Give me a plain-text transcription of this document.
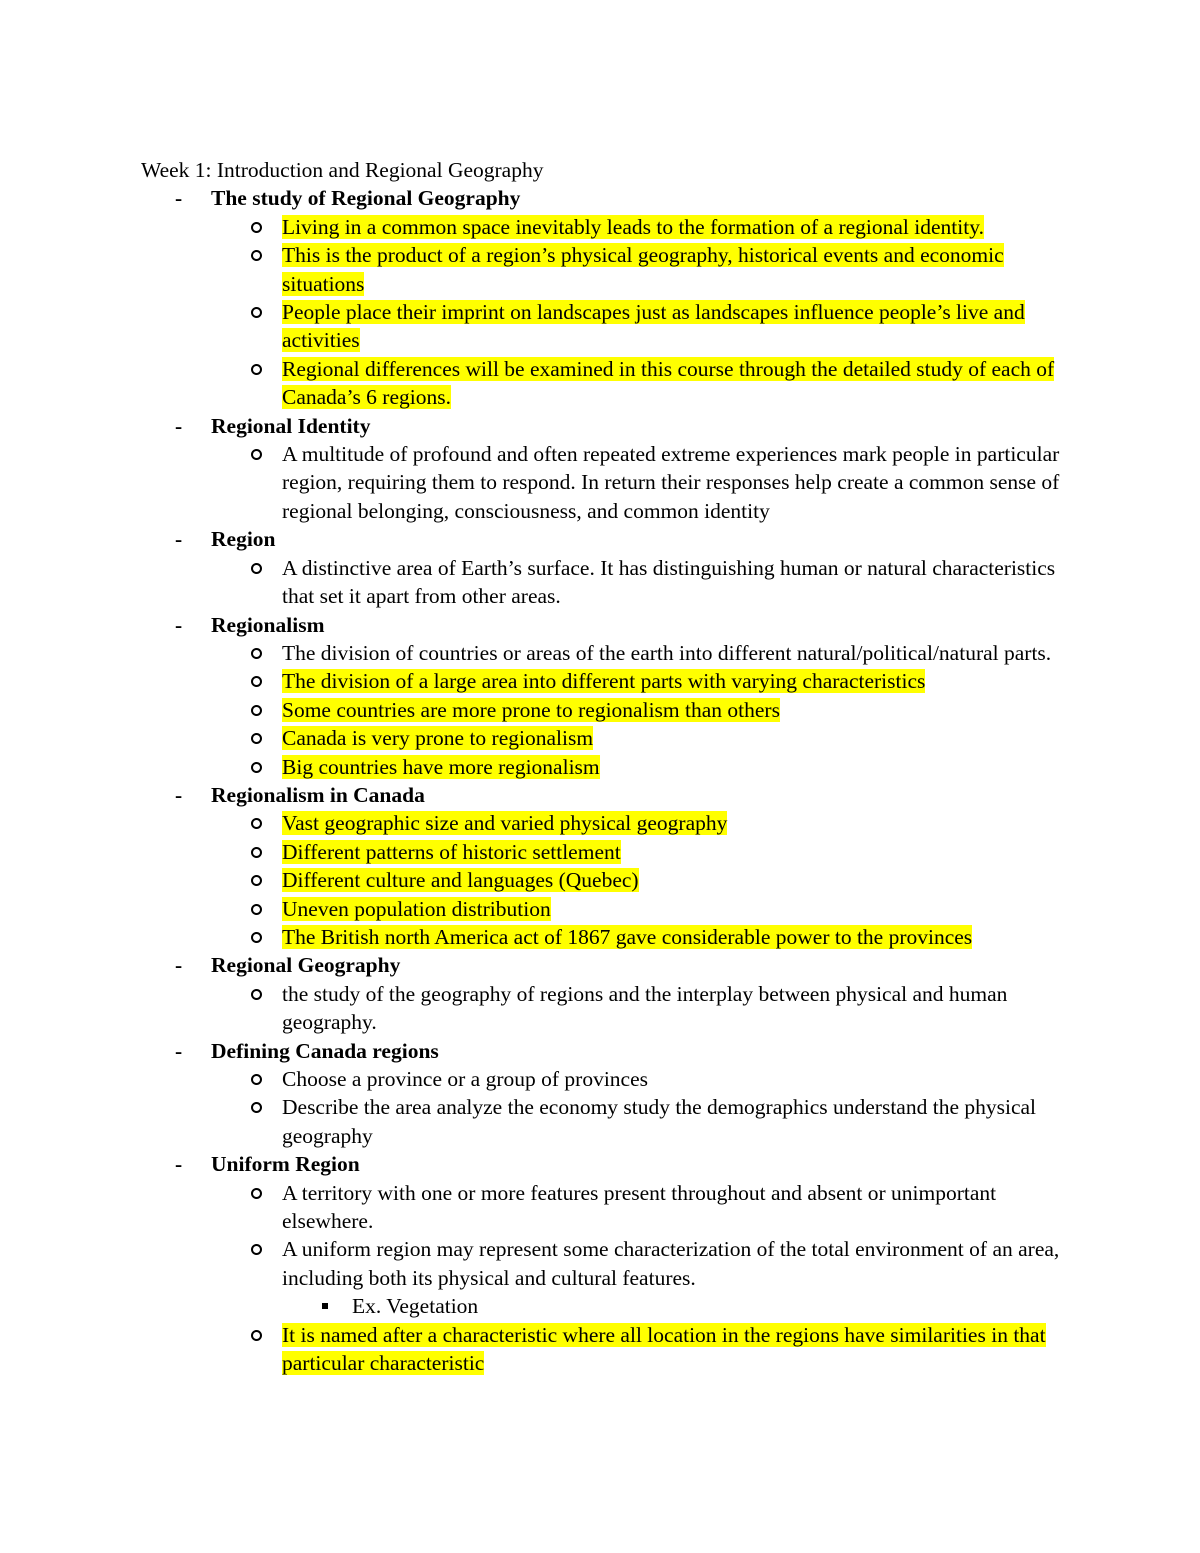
Week 1: Introduction and Regional Geography

- The study of Regional Geography
Living in a common space inevitably leads to the formation of a regional identity.
This is the product of a region’s physical geography, historical events and economic situations
People place their imprint on landscapes just as landscapes influence people’s live and activities
Regional differences will be examined in this course through the detailed study of each of Canada’s 6 regions.
- Regional Identity
A multitude of profound and often repeated extreme experiences mark people in particular region, requiring them to respond. In return their responses help create a common sense of regional belonging, consciousness, and common identity
- Region
A distinctive area of Earth’s surface. It has distinguishing human or natural characteristics that set it apart from other areas.
- Regionalism
The division of countries or areas of the earth into different natural/political/natural parts.
The division of a large area into different parts with varying characteristics
Some countries are more prone to regionalism than others
Canada is very prone to regionalism
Big countries have more regionalism
- Regionalism in Canada
Vast geographic size and varied physical geography
Different patterns of historic settlement
Different culture and languages (Quebec)
Uneven population distribution
The British north America act of 1867 gave considerable power to the provinces
- Regional Geography
the study of the geography of regions and the interplay between physical and human geography.
- Defining Canada regions
Choose a province or a group of provinces
Describe the area analyze the economy study the demographics understand the physical geography
- Uniform Region
A territory with one or more features present throughout and absent or unimportant elsewhere.
A uniform region may represent some characterization of the total environment of an area, including both its physical and cultural features.
Ex. Vegetation
It is named after a characteristic where all location in the regions have similarities in that particular characteristic
